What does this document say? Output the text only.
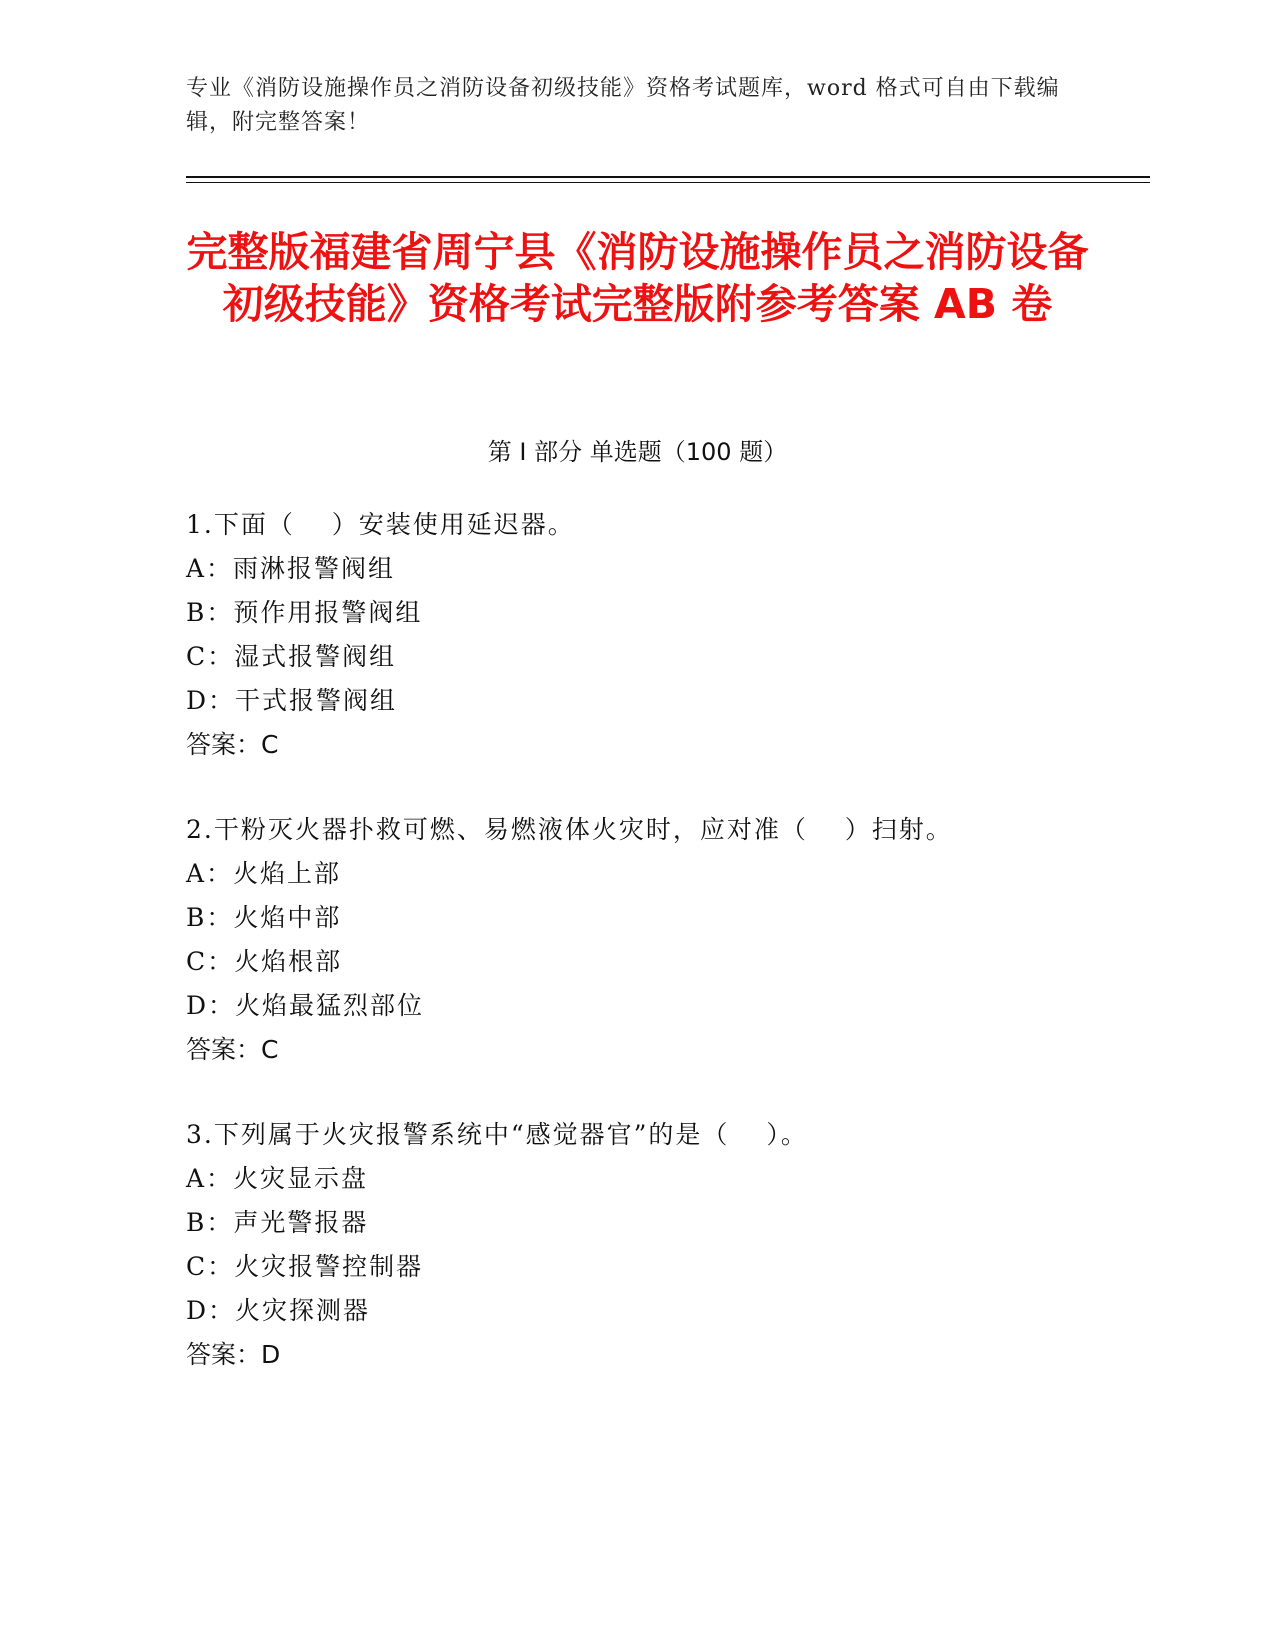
专业《消防设施操作员之消防设备初级技能》资格考试题库，word 格式可自由下载编辑，附完整答案！
完整版福建省周宁县《消防设施操作员之消防设备初级技能》资格考试完整版附参考答案 AB 卷
第 I 部分 单选题（100 题）
1.下面（　 ）安装使用延迟器。
A：雨淋报警阀组
B：预作用报警阀组
C：湿式报警阀组
D：干式报警阀组
答案：C
2.干粉灭火器扑救可燃、易燃液体火灾时，应对准（　 ）扫射。
A：火焰上部
B：火焰中部
C：火焰根部
D：火焰最猛烈部位
答案：C
3.下列属于火灾报警系统中“感觉器官”的是（　 ）。
A：火灾显示盘
B：声光警报器
C：火灾报警控制器
D：火灾探测器
答案：D
